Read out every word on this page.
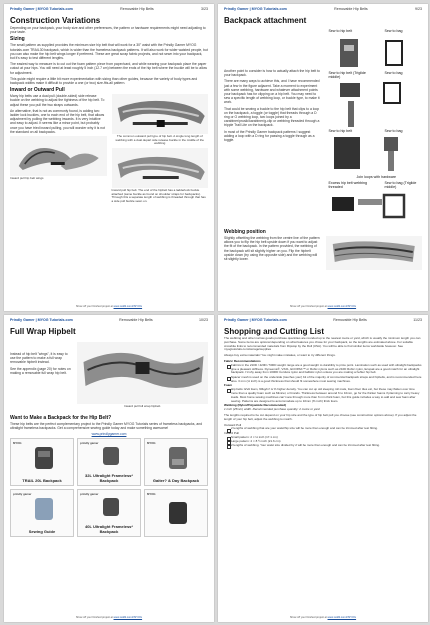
Prindly Gamer | MYOG Tutorials.com	Removable Hip Belts	3/23
Construction Variations

Depending on your backpack, your body size and other preferences, the pattern or hardware requirements might need adjusting to your taste.

Sizing

The small pattern as supplied provides the minimum size hip belt that will work for a 30" waist with the Prindly Gamer MYOG tutorials.com TRAIL30 backpack, which is wider than the frameless backpack patterns. It will also work for wider waisted people, but you can also make the hip belt wings longer if preferred. These are great scrap fabric projects, and not sewn into your backpack, but it's easy to test different lengths.

The easiest way to measure is to cut out the foam pattern piece from paper/card, and while wearing your backpack place the paper cutout at your hips. You will need at least roughly 5 inch (12.7 cm) between the ends of the hip belt where the buckle will be to allow for adjustment.

This guide might require a little bit more experimentation with sizing than other guides, because the variety of body types and backpack widths make it difficult to provide a one (or two) size-fits-all pattern.

Inward or Outward Pull

Many hip belts use a dual pull (double-sided) side release buckle on the webbing to adjust the tightness of the hip belt. To adjust these you pull the two straps outwards.

An alternative, that is not as commonly found, is adding two ladder lock buckles, one to each end of the hip belt, that allows adjustment by pulling the webbing inwards. It is very intuitive and easy to adjust. It seems like a minor point, but probably once you have tried inward pulling, you will wonder why it is not the standard on all backpacks.

Inward pull hip belt wings
The common outward pull type of hip belt. A single long length of webbing with a dual depart side release buckle in the middle of the webbing
Inward pull hip belt. The end of the hipbelt has a ladderlock buckle attached (same buckle as found on shoulder straps for backpacks). Through this a separate length of webbing is threaded through that has a side pull buckle sewn on.
Show off your finished project at www.reddit.com/r/MYOG
Prindly Gamer | MYOG Tutorials.com	Removable Hip Belts	9/23
Backpack attachment

Another point to consider is how to actually attach the hip belt to your backpack.

There are many ways to achieve this, and I have recommended just a few in the figure adjacent. Take a moment to experiment with some webbing, hardware and whatever attachment points your backpack has for clipping on a hip belt. You may need to sew a specific length of webbing loop, or buckle type, to make it work.

That could be sewing a buckle to the hip belt that clips to a loop on the backpack, a toggle (or toggle) that threads through a D ring or O webbing loop, two loops joined by a carabiner/prusik/karabiner/g-clip or webbing threaded through a tripple Trail Lite on the backpack.

In most of the Prindly Gamer backpack patterns I suggest adding a loop with a D ring for passing a toggle through as a toggle.

Sew to hip belt	Sew to bag
Sew to hip belt (Triglide middle)
Sew to bag
Sew to hip belt	Sew to bag
Join loops with hardware
Excess hip belt webbing threaded
Sew to bag (Triglide middle)
Webbing position

Slightly offsetting the webbing from the centre line of the pattern allows you to flip the hip belt upside down if you want to adjust the fit of the backpack. In the pattern provided, the webbing of the backpack will sit slightly higher on you. Flip the hipbelt upside down (try using the opposite side) and the webbing will sit slightly lower.

Show off your finished project at www.reddit.com/r/MYOG
Prindly Gamer | MYOG Tutorials.com	Removable Hip Belts	10/23
Full Wrap Hipbelt

Instead of hip belt "wings", it is easy to use the pattern to make a full wrap removable hipbelt instead.

See the appendix (page 20) for notes on making a removable full wrap hip belt.

Inward pull full wrap hipbelt.
Want to Make a Backpack for the Hip Belt?

These hip belts are the perfect complementary project to the Prindly Gamer MYOG Tutorials series of frameless backpacks, and ultralight frameless backpacks. Get a comprehensive sewing guide today and make something awesome!

www.prindlygamer.com

MYOG
TRAIL 20L Backpack
prindly gamer
32L Ultralight Frameless* Backpack
MYOG
Gaiter? & Day Backpack
prindly gamer
Sewing Guide
prindly gamer
40L Ultralight Frameless* Backpack
MYOG
Show off your finished project at www.reddit.com/r/MYOG
Prindly Gamer | MYOG Tutorials.com	Removable Hip Belts	11/23
Shopping and Cutting List

The webbing and other narrow goods purchase quantities are rounded up to the nearest metre or yard, which is usually the minimum length you can purchase. Some items are optional depending on what features you chose for your backpack, so the lengths are estimated above. For suitable crossbite links to recommended materials from Ripstop by the Roll (USA). You will be able to find similar items worldwide however. See myogtutorials.com/storage/supplies

Always buy extra materials! You might make mistakes, or want to try different things.

Fabric Recommendations
Fabrics in the 210D / 420D / 500D weight range are a good weight to durability to price point. Lamination such as used with ultralight backpacks give a pleasant stiffness. Dyneema®, VX21, ECOPAK™ or Robic nylons such as 210D Robic nylon, Ecopak are a good match for an ultralight backpack. I'd shy away from 1000D Cordura nylon and ballistic nylon unless you are making a heftier hip belt.
Spacer mesh is used on the underside (touches your) bit of the majority of commercial backpack straps and hipbelts, and is recommended here also. 3 mm (⅛ inch) is a good thickness that should fit somewhere most sewing machines.
Foam
Hip belts: EVA foam, 90kg/m³ is % higher density. You can cut up old sleeping roll mats, foam floor tiles etc, but these may flatten over time more than a quality foam such as Minicel, or brands. Thickness between around 6 to 10mm, go for the thicker foams if planning to carry heavy loads. Most home sewing machines can't sew through more than 6 mm thick foam, but this guide includes a way to add and sew foam after sewing. Patterns are designed to accommodate up to 10mm (% inch) thick foam.
Webbing (Nylon/Polyamide Recommended)

1 inch (25mm) width. Recommended purchase quantity: 2 metre or yard

The lengths required to be cut depend on your hip size and the type of hip belt pull you choose (see construction options above). If you adjust the length of your hip belt, adjust the webbing to match.

Outward Pull
2 lengths of webbing that are your waist/hip size will be more than enough and can be trimmed after test fitting.
Inward Pull
Small pattern: 2 × ⅓ inch (17.1 cm)
Large pattern: 2 × 8 ½ inch (21.6 cm)
2 lengths of webbing. Your waist size divided by 2 will be more than enough and can be trimmed after test fitting.
Show off your finished project at www.reddit.com/r/MYOG
